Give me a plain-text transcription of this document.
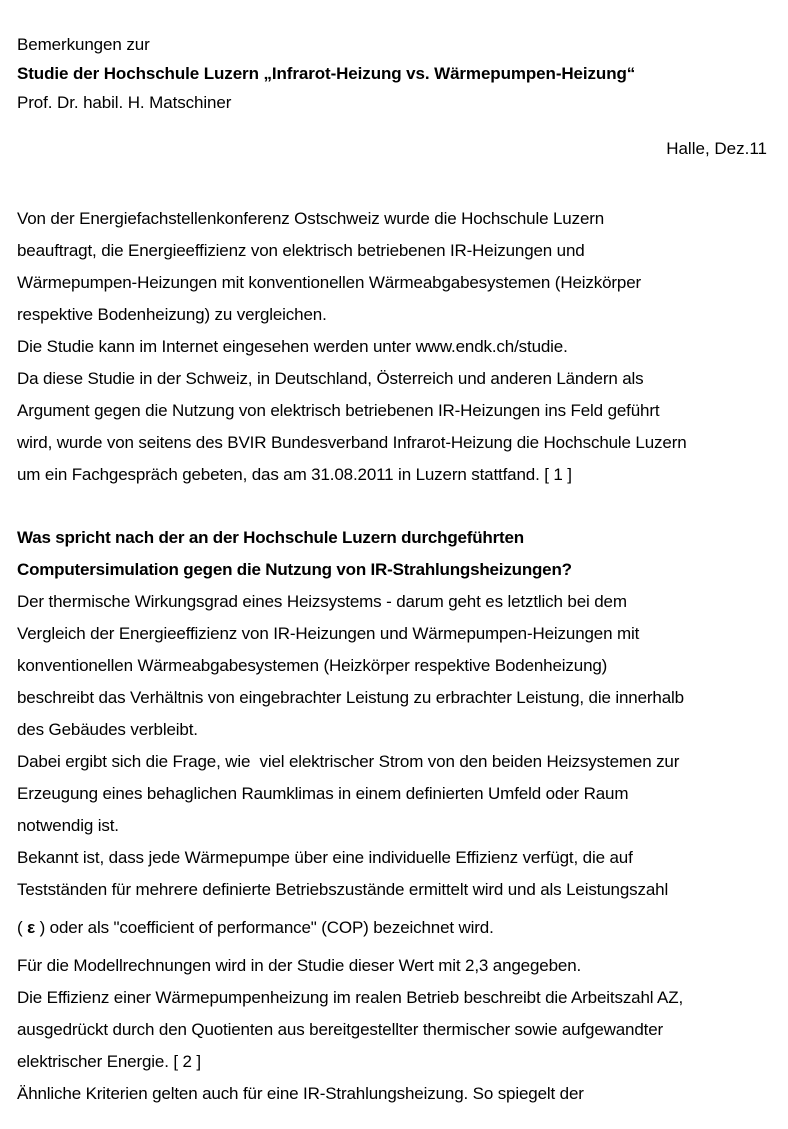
Bemerkungen zur
Studie der Hochschule Luzern „Infrarot-Heizung vs. Wärmepumpen-Heizung“
Prof. Dr. habil. H. Matschiner
Halle, Dez.11
Von der Energiefachstellenkonferenz Ostschweiz wurde die Hochschule Luzern
beauftragt, die Energieeffizienz von elektrisch betriebenen IR-Heizungen und
Wärmepumpen-Heizungen mit konventionellen Wärmeabgabesystemen (Heizkörper
respektive Bodenheizung) zu vergleichen.
Die Studie kann im Internet eingesehen werden unter www.endk.ch/studie.
Da diese Studie in der Schweiz, in Deutschland, Österreich und anderen Ländern als
Argument gegen die Nutzung von elektrisch betriebenen IR-Heizungen ins Feld geführt
wird, wurde von seitens des BVIR Bundesverband Infrarot-Heizung die Hochschule Luzern
um ein Fachgespräch gebeten, das am 31.08.2011 in Luzern stattfand. [ 1 ]
Was spricht nach der an der Hochschule Luzern durchgeführten
Computersimulation gegen die Nutzung von IR-Strahlungsheizungen?
Der thermische Wirkungsgrad eines Heizsystems - darum geht es letztlich bei dem
Vergleich der Energieeffizienz von IR-Heizungen und Wärmepumpen-Heizungen mit
konventionellen Wärmeabgabesystemen (Heizkörper respektive Bodenheizung)
beschreibt das Verhältnis von eingebrachter Leistung zu erbrachter Leistung, die innerhalb
des Gebäudes verbleibt.
Dabei ergibt sich die Frage, wie  viel elektrischer Strom von den beiden Heizsystemen zur
Erzeugung eines behaglichen Raumklimas in einem definierten Umfeld oder Raum
notwendig ist.
Bekannt ist, dass jede Wärmepumpe über eine individuelle Effizienz verfügt, die auf
Testständen für mehrere definierte Betriebszustände ermittelt wird und als Leistungszahl
( ε ) oder als "coefficient of performance" (COP) bezeichnet wird.
Für die Modellrechnungen wird in der Studie dieser Wert mit 2,3 angegeben.
Die Effizienz einer Wärmepumpenheizung im realen Betrieb beschreibt die Arbeitszahl AZ,
ausgedrückt durch den Quotienten aus bereitgestellter thermischer sowie aufgewandter
elektrischer Energie. [ 2 ]
Ähnliche Kriterien gelten auch für eine IR-Strahlungsheizung. So spiegelt der
